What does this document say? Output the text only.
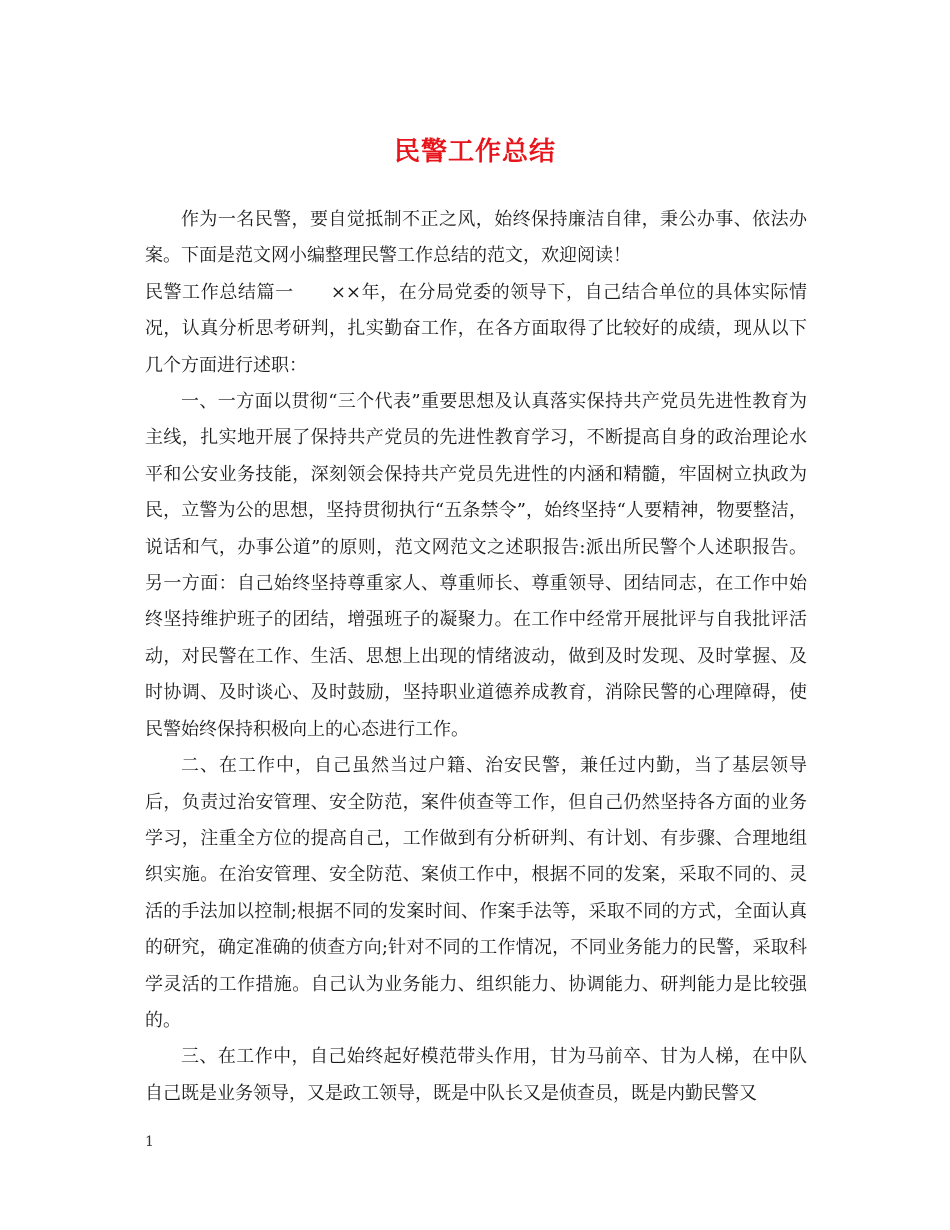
民警工作总结

作为一名民警，要自觉抵制不正之风，始终保持廉洁自律，秉公办事、依法办案。下面是范文网小编整理民警工作总结的范文，欢迎阅读！

民警工作总结篇一　　××年，在分局党委的领导下，自己结合单位的具体实际情况，认真分析思考研判，扎实勤奋工作，在各方面取得了比较好的成绩，现从以下几个方面进行述职：

一、一方面以贯彻“三个代表”重要思想及认真落实保持共产党员先进性教育为主线，扎实地开展了保持共产党员的先进性教育学习，不断提高自身的政治理论水平和公安业务技能，深刻领会保持共产党员先进性的内涵和精髓，牢固树立执政为民，立警为公的思想，坚持贯彻执行“五条禁令”，始终坚持“人要精神，物要整洁，说话和气，办事公道”的原则，范文网范文之述职报告:派出所民警个人述职报告。另一方面：自己始终坚持尊重家人、尊重师长、尊重领导、团结同志，在工作中始终坚持维护班子的团结，增强班子的凝聚力。在工作中经常开展批评与自我批评活动，对民警在工作、生活、思想上出现的情绪波动，做到及时发现、及时掌握、及时协调、及时谈心、及时鼓励，坚持职业道德养成教育，消除民警的心理障碍，使民警始终保持积极向上的心态进行工作。

二、在工作中，自己虽然当过户籍、治安民警，兼任过内勤，当了基层领导后，负责过治安管理、安全防范，案件侦查等工作，但自己仍然坚持各方面的业务学习，注重全方位的提高自己，工作做到有分析研判、有计划、有步骤、合理地组织实施。在治安管理、安全防范、案侦工作中，根据不同的发案，采取不同的、灵活的手法加以控制;根据不同的发案时间、作案手法等，采取不同的方式，全面认真的研究，确定准确的侦查方向;针对不同的工作情况，不同业务能力的民警，采取科学灵活的工作措施。自己认为业务能力、组织能力、协调能力、研判能力是比较强的。

三、在工作中，自己始终起好模范带头作用，甘为马前卒、甘为人梯，在中队自己既是业务领导，又是政工领导，既是中队长又是侦查员，既是内勤民警又

1
